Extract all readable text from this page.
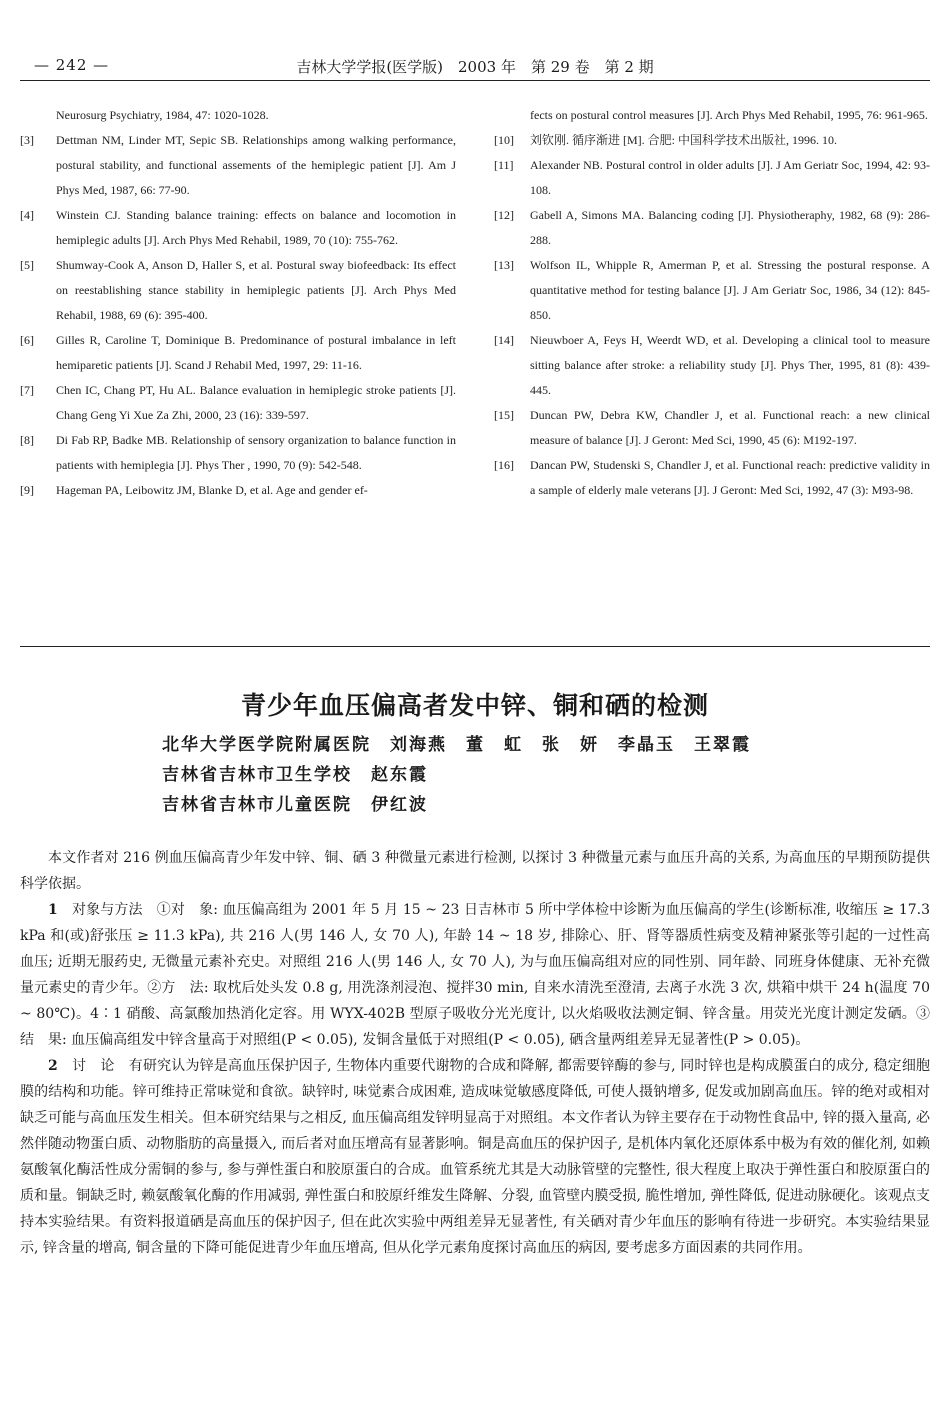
— 242 —	吉林大学学报(医学版)　2003 年　第 29 卷　第 2 期
Neurosurg Psychiatry, 1984, 47: 1020-1028.
[3] Dettman NM, Linder MT, Sepic SB. Relationships among walking performance, postural stability, and functional assements of the hemiplegic patient [J]. Am J Phys Med, 1987, 66: 77-90.
[4] Winstein CJ. Standing balance training: effects on balance and locomotion in hemiplegic adults [J]. Arch Phys Med Rehabil, 1989, 70 (10): 755-762.
[5] Shumway-Cook A, Anson D, Haller S, et al. Postural sway biofeedback: Its effect on reestablishing stance stability in hemiplegic patients [J]. Arch Phys Med Rehabil, 1988, 69 (6): 395-400.
[6] Gilles R, Caroline T, Dominique B. Predominance of postural imbalance in left hemiparetic patients [J]. Scand J Rehabil Med, 1997, 29: 11-16.
[7] Chen IC, Chang PT, Hu AL. Balance evaluation in hemiplegic stroke patients [J]. Chang Geng Yi Xue Za Zhi, 2000, 23 (16): 339-597.
[8] Di Fab RP, Badke MB. Relationship of sensory organization to balance function in patients with hemiplegia [J]. Phys Ther , 1990, 70 (9): 542-548.
[9] Hageman PA, Leibowitz JM, Blanke D, et al. Age and gender ef-
fects on postural control measures [J]. Arch Phys Med Rehabil, 1995, 76: 961-965.
[10] 刘钦刚. 循序渐进 [M]. 合肥: 中国科学技术出版社, 1996. 10.
[11] Alexander NB. Postural control in older adults [J]. J Am Geriatr Soc, 1994, 42: 93-108.
[12] Gabell A, Simons MA. Balancing coding [J]. Physiotheraphy, 1982, 68 (9): 286-288.
[13] Wolfson IL, Whipple R, Amerman P, et al. Stressing the postural response. A quantitative method for testing balance [J]. J Am Geriatr Soc, 1986, 34 (12): 845-850.
[14] Nieuwboer A, Feys H, Weerdt WD, et al. Developing a clinical tool to measure sitting balance after stroke: a reliability study [J]. Phys Ther, 1995, 81 (8): 439-445.
[15] Duncan PW, Debra KW, Chandler J, et al. Functional reach: a new clinical measure of balance [J]. J Geront: Med Sci, 1990, 45 (6): M192-197.
[16] Dancan PW, Studenski S, Chandler J, et al. Functional reach: predictive validity in a sample of elderly male veterans [J]. J Geront: Med Sci, 1992, 47 (3): M93-98.
青少年血压偏高者发中锌、铜和硒的检测
北华大学医学院附属医院　刘海燕　董　虹　张　妍　李晶玉　王翠霞
吉林省吉林市卫生学校　赵东霞
吉林省吉林市儿童医院　伊红波

本文作者对 216 例血压偏高青少年发中锌、铜、硒 3 种微量元素进行检测, 以探讨 3 种微量元素与血压升高的关系, 为高血压的早期预防提供科学依据。

1　 对象与方法　①对　象: 血压偏高组为 2001 年 5 月 15 ~ 23 日吉林市 5 所中学体检中诊断为血压偏高的学生(诊断标准, 收缩压 ≥ 17.3 kPa 和(或)舒张压 ≥ 11.3 kPa), 共 216 人(男 146 人, 女 70 人), 年龄 14 ~ 18 岁, 排除心、肝、肾等器质性病变及精神紧张等引起的一过性高血压; 近期无服药史, 无微量元素补充史。对照组 216 人(男 146 人, 女 70 人), 为与血压偏高组对应的同性别、同年龄、同班身体健康、无补充微量元素史的青少年。②方　法: 取枕后处头发 0.8 g, 用洗涤剂浸泡、搅拌30 min, 自来水清洗至澄清, 去离子水洗 3 次, 烘箱中烘干 24 h(温度 70 ~ 80℃)。4∶1 硝酸、高氯酸加热消化定容。用 WYX-402B 型原子吸收分光光度计, 以火焰吸收法测定铜、锌含量。用荧光光度计测定发硒。③结　果: 血压偏高组发中锌含量高于对照组(P < 0.05), 发铜含量低于对照组(P < 0.05), 硒含量两组差异无显著性(P > 0.05)。

2　 讨　论　有研究认为锌是高血压保护因子, 生物体内重要代谢物的合成和降解, 都需要锌酶的参与, 同时锌也是构成膜蛋白的成分, 稳定细胞膜的结构和功能。锌可维持正常味觉和食欲。缺锌时, 味觉素合成困难, 造成味觉敏感度降低, 可使人摄钠增多, 促发或加剧高血压。锌的绝对或相对缺乏可能与高血压发生相关。但本研究结果与之相反, 血压偏高组发锌明显高于对照组。本文作者认为锌主要存在于动物性食品中, 锌的摄入量高, 必然伴随动物蛋白质、动物脂肪的高量摄入, 而后者对血压增高有显著影响。铜是高血压的保护因子, 是机体内氧化还原体系中极为有效的催化剂, 如赖氨酸氧化酶活性成分需铜的参与, 参与弹性蛋白和胶原蛋白的合成。血管系统尤其是大动脉管壁的完整性, 很大程度上取决于弹性蛋白和胶原蛋白的质和量。铜缺乏时, 赖氨酸氧化酶的作用减弱, 弹性蛋白和胶原纤维发生降解、分裂, 血管壁内膜受损, 脆性增加, 弹性降低, 促进动脉硬化。该观点支持本实验结果。有资料报道硒是高血压的保护因子, 但在此次实验中两组差异无显著性, 有关硒对青少年血压的影响有待进一步研究。本实验结果显示, 锌含量的增高, 铜含量的下降可能促进青少年血压增高, 但从化学元素角度探讨高血压的病因, 要考虑多方面因素的共同作用。
